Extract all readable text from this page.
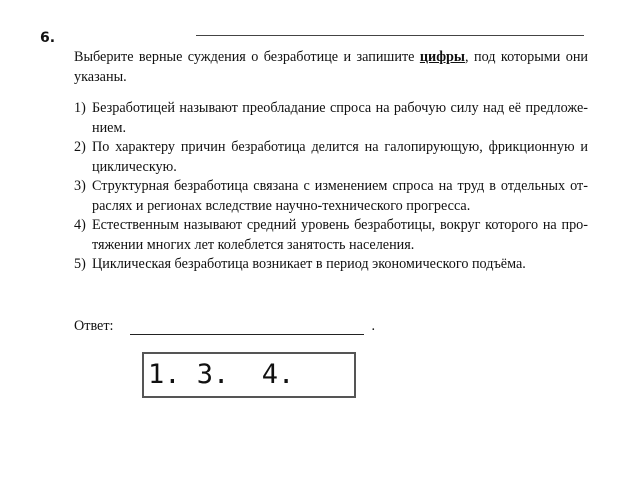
6.

Выберите верные суждения о безработице и запишите цифры, под которыми они указаны.

1) Безработицей называют преобладание спроса на рабочую силу над её предложением.
2) По характеру причин безработица делится на галопирующую, фрикционную и циклическую.
3) Структурная безработица связана с изменением спроса на труд в отдельных отраслях и регионах вследствие научно-технического прогресса.
4) Естественным называют средний уровень безработицы, вокруг которого на протяжении многих лет колеблется занятость населения.
5) Циклическая безработица возникает в период экономического подъёма.
Ответ:	.
1. 3.  4.
